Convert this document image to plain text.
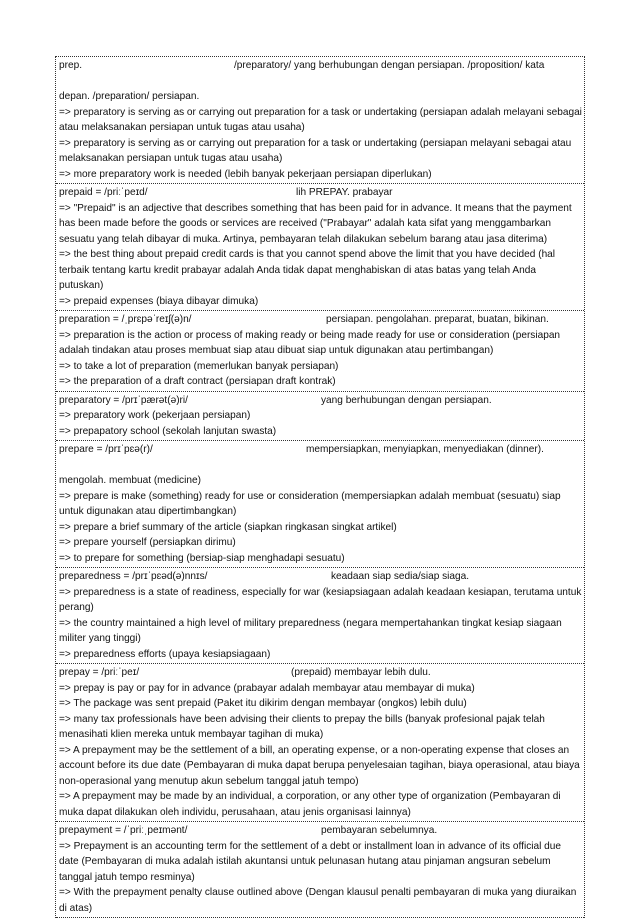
prep.	/preparatory/ yang berhubungan dengan persiapan. /proposition/ kata
depan. /preparation/ persiapan.
=> preparatory is serving as or carrying out preparation for a task or undertaking (persiapan adalah melayani sebagai atau melaksanakan persiapan untuk tugas atau usaha)
=> preparatory is serving as or carrying out preparation for a task or undertaking (persiapan melayani sebagai atau melaksanakan persiapan untuk tugas atau usaha)
=> more preparatory work is needed (lebih banyak pekerjaan persiapan diperlukan)
prepaid = /priːˈpeɪd/	lih PREPAY. prabayar
=> "Prepaid" is an adjective that describes something that has been paid for in advance. It means that the payment has been made before the goods or services are received ("Prabayar" adalah kata sifat yang menggambarkan sesuatu yang telah dibayar di muka. Artinya, pembayaran telah dilakukan sebelum barang atau jasa diterima)
=> the best thing about prepaid credit cards is that you cannot spend above the limit that you have decided (hal terbaik tentang kartu kredit prabayar adalah Anda tidak dapat menghabiskan di atas batas yang telah Anda putuskan)
=> prepaid expenses (biaya dibayar dimuka)
preparation = /ˌprɛpəˈreɪʃ(ə)n/	persiapan. pengolahan. preparat, buatan, bikinan.
=> preparation is the action or process of making ready or being made ready for use or consideration (persiapan adalah tindakan atau proses membuat siap atau dibuat siap untuk digunakan atau pertimbangan)
=> to take a lot of preparation (memerlukan banyak persiapan)
=> the preparation of a draft contract (persiapan draft kontrak)
preparatory = /prɪˈpærət(ə)ri/	yang berhubungan dengan persiapan.
=> preparatory work (pekerjaan persiapan)
=> prepapatory school (sekolah lanjutan swasta)
prepare = /prɪˈpɛə(r)/	mempersiapkan, menyiapkan, menyediakan (dinner).
mengolah. membuat (medicine)
=> prepare is make (something) ready for use or consideration (mempersiapkan adalah membuat (sesuatu) siap untuk digunakan atau dipertimbangkan)
=> prepare a brief summary of the article (siapkan ringkasan singkat artikel)
=> prepare yourself (persiapkan dirimu)
=> to prepare for something (bersiap-siap menghadapi sesuatu)
preparedness = /prɪˈpɛəd(ə)nnɪs/	keadaan siap sedia/siap siaga.
=> preparedness is a state of readiness, especially for war (kesiapsiagaan adalah keadaan kesiapan, terutama untuk perang)
=> the country maintained a high level of military preparedness (negara mempertahankan tingkat kesiap siagaan militer yang tinggi)
=> preparedness efforts (upaya kesiapsiagaan)
prepay = /priːˈpeɪ/	(prepaid) membayar lebih dulu.
=> prepay is pay or pay for in advance (prabayar adalah membayar atau membayar di muka)
=> The package was sent prepaid (Paket itu dikirim dengan membayar (ongkos) lebih dulu)
=> many tax professionals have been advising their clients to prepay the bills (banyak profesional pajak telah menasihati klien mereka untuk membayar tagihan di muka)
=> A prepayment may be the settlement of a bill, an operating expense, or a non-operating expense that closes an account before its due date (Pembayaran di muka dapat berupa penyelesaian tagihan, biaya operasional, atau biaya non-operasional yang menutup akun sebelum tanggal jatuh tempo)
=> A prepayment may be made by an individual, a corporation, or any other type of organization (Pembayaran di muka dapat dilakukan oleh individu, perusahaan, atau jenis organisasi lainnya)
prepayment = /ˈpriːˌpeɪmənt/	pembayaran sebelumnya.
=> Prepayment is an accounting term for the settlement of a debt or installment loan in advance of its official due date (Pembayaran di muka adalah istilah akuntansi untuk pelunasan hutang atau pinjaman angsuran sebelum tanggal jatuh tempo resminya)
=> With the prepayment penalty clause outlined above (Dengan klausul penalti pembayaran di muka yang diuraikan di atas)
